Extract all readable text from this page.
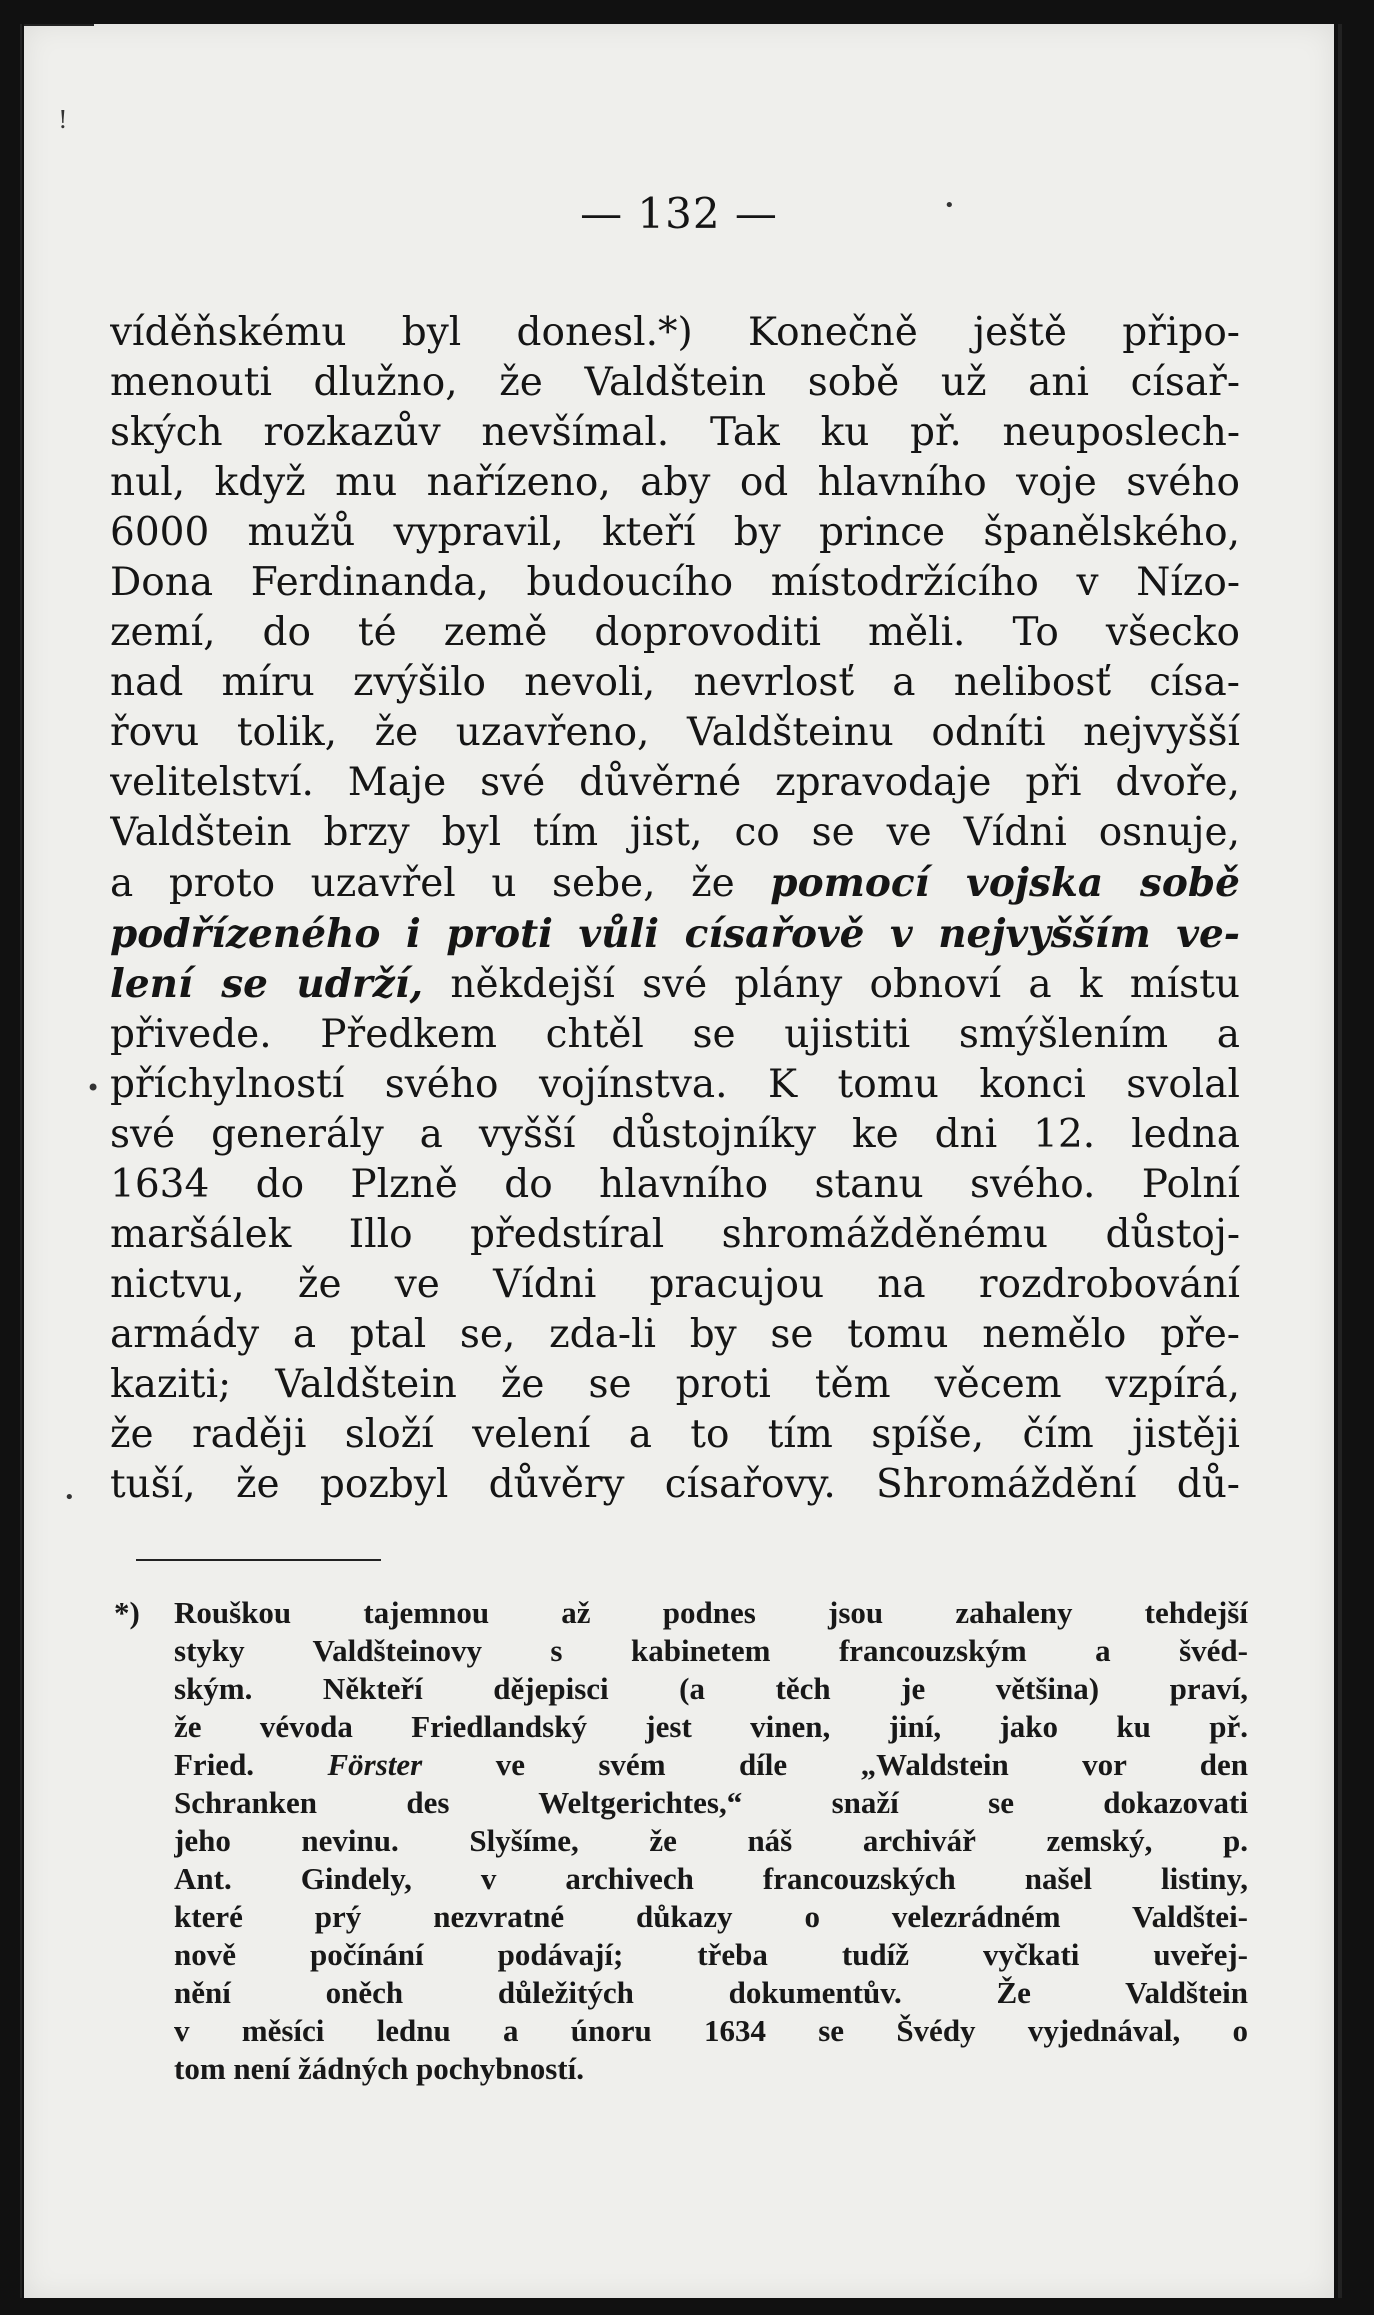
!
•
•
•
— 132 —
víděňskému byl donesl.*) Konečně ještě připo-
menouti dlužno, že Valdštein sobě už ani císař-
ských rozkazův nevšímal. Tak ku př. neuposlech-
nul, když mu nařízeno, aby od hlavního voje svého
6000 mužů vypravil, kteří by prince španělského,
Dona Ferdinanda, budoucího místodržícího v Nízo-
zemí, do té země doprovoditi měli. To všecko
nad míru zvýšilo nevoli, nevrlosť a nelibosť císa-
řovu tolik, že uzavřeno, Valdšteinu odníti nejvyšší
velitelství. Maje své důvěrné zpravodaje při dvoře,
Valdštein brzy byl tím jist, co se ve Vídni osnuje,
a proto uzavřel u sebe, že pomocí vojska sobě
podřízeného i proti vůli císařově v nejvyšším ve-
lení se udrží, někdejší své plány obnoví a k místu
přivede. Předkem chtěl se ujistiti smýšlením a
příchylností svého vojínstva. K tomu konci svolal
své generály a vyšší důstojníky ke dni 12. ledna
1634 do Plzně do hlavního stanu svého. Polní
maršálek Illo předstíral shromážděnému důstoj-
nictvu, že ve Vídni pracujou na rozdrobování
armády a ptal se, zda-li by se tomu nemělo pře-
kaziti; Valdštein že se proti těm věcem vzpírá,
že raději složí velení a to tím spíše, čím jistěji
tuší, že pozbyl důvěry císařovy. Shromáždění dů-
*) Rouškou tajemnou až podnes jsou zahaleny tehdejší
styky Valdšteinovy s kabinetem francouzským a švéd-
ským. Někteří dějepisci (a těch je většina) praví,
že vévoda Friedlandský jest vinen, jiní, jako ku př.
Fried. Förster ve svém díle „Waldstein vor den
Schranken des Weltgerichtes,“ snaží se dokazovati
jeho nevinu. Slyšíme, že náš archivář zemský, p.
Ant. Gindely, v archivech francouzských našel listiny,
které prý nezvratné důkazy o velezrádném Valdštei-
nově počínání podávají; třeba tudíž vyčkati uveřej-
nění oněch důležitých dokumentův. Že Valdštein
v měsíci lednu a únoru 1634 se Švédy vyjednával, o
tom není žádných pochybností.
